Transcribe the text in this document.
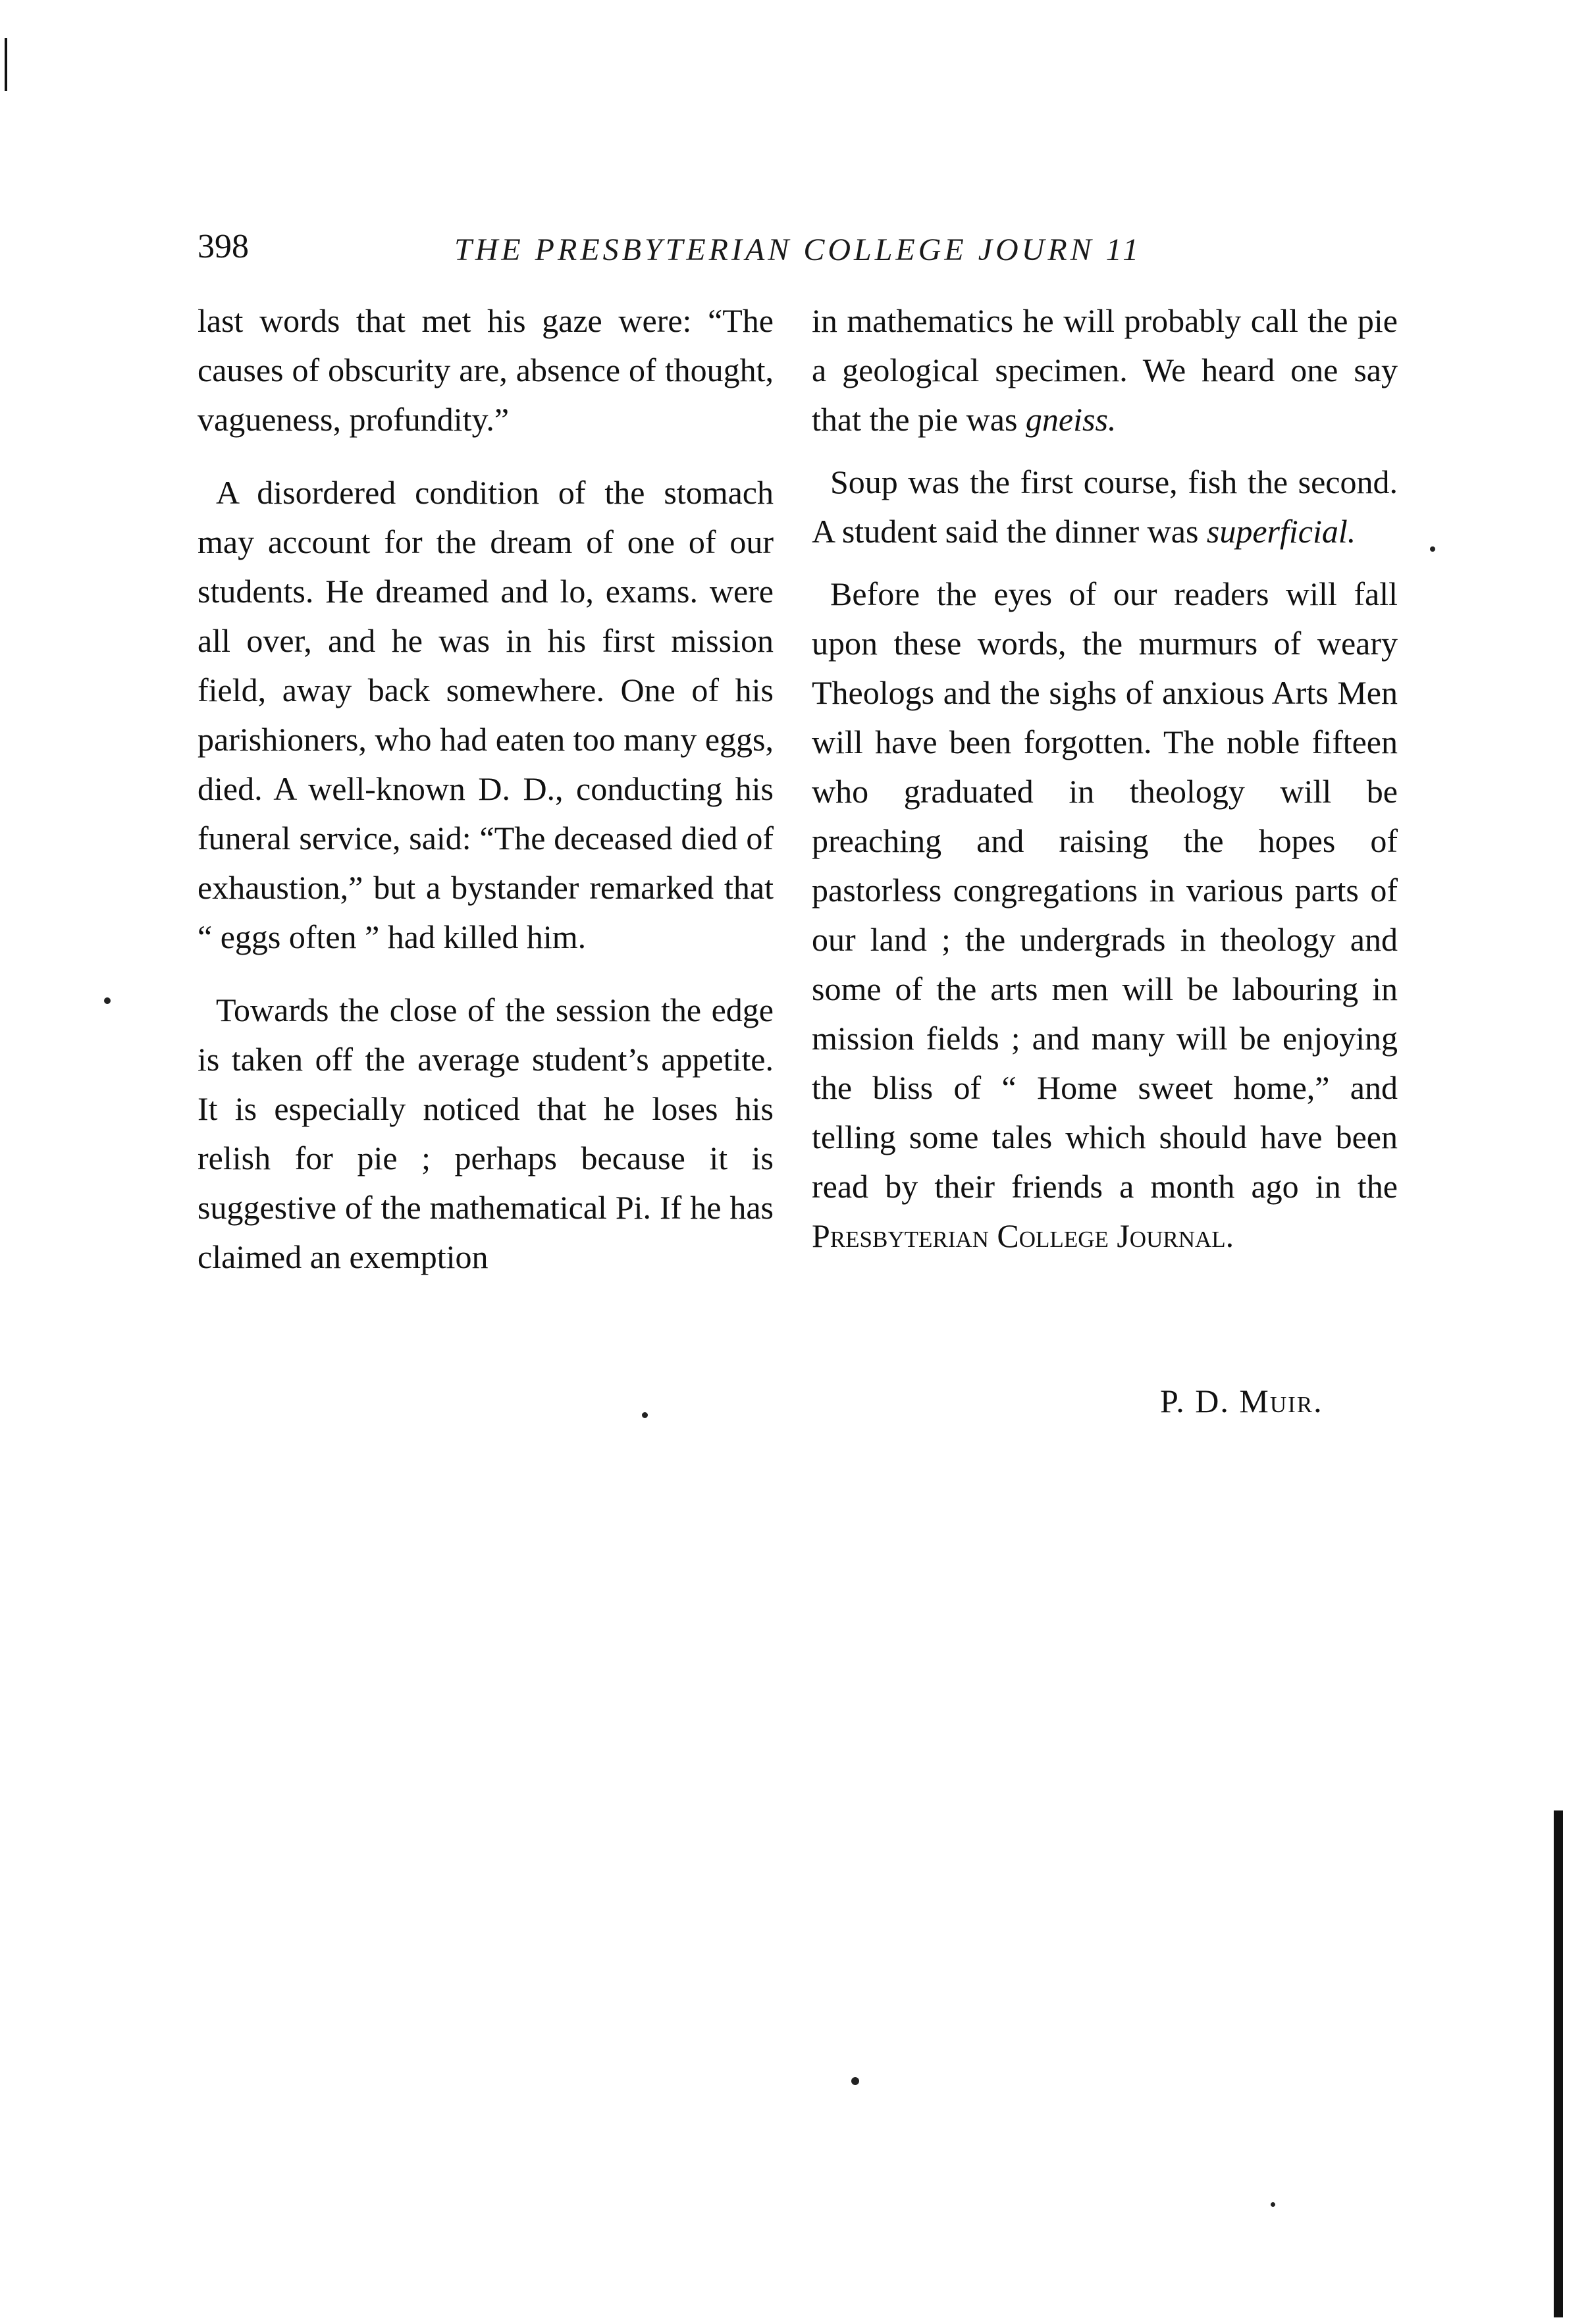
398	THE PRESBYTERIAN COLLEGE JOURN 11

last words that met his gaze were: “The causes of obscurity are, absence of thought, vagueness, profundity.”

A disordered condition of the stomach may account for the dream of one of our students. He dreamed and lo, exams. were all over, and he was in his first mission field, away back somewhere. One of his parishioners, who had eaten too many eggs, died. A well-known D. D., conducting his funeral service, said: “The deceased died of exhaustion,” but a bystander remarked that “ eggs often ” had killed him.

Towards the close of the session the edge is taken off the average student’s appetite. It is especially noticed that he loses his relish for pie ; perhaps because it is suggestive of the mathematical Pi. If he has claimed an exemption

in mathematics he will probably call the pie a geological specimen. We heard one say that the pie was gneiss.

Soup was the first course, fish the second. A student said the dinner was superficial.

Before the eyes of our readers will fall upon these words, the murmurs of weary Theologs and the sighs of anxious Arts Men will have been forgotten. The noble fifteen who graduated in theology will be preaching and raising the hopes of pastorless congregations in various parts of our land ; the undergrads in theology and some of the arts men will be labouring in mission fields ; and many will be enjoying the bliss of “ Home sweet home,” and telling some tales which should have been read by their friends a month ago in the Presbyterian College Journal.

P. D. Muir.
